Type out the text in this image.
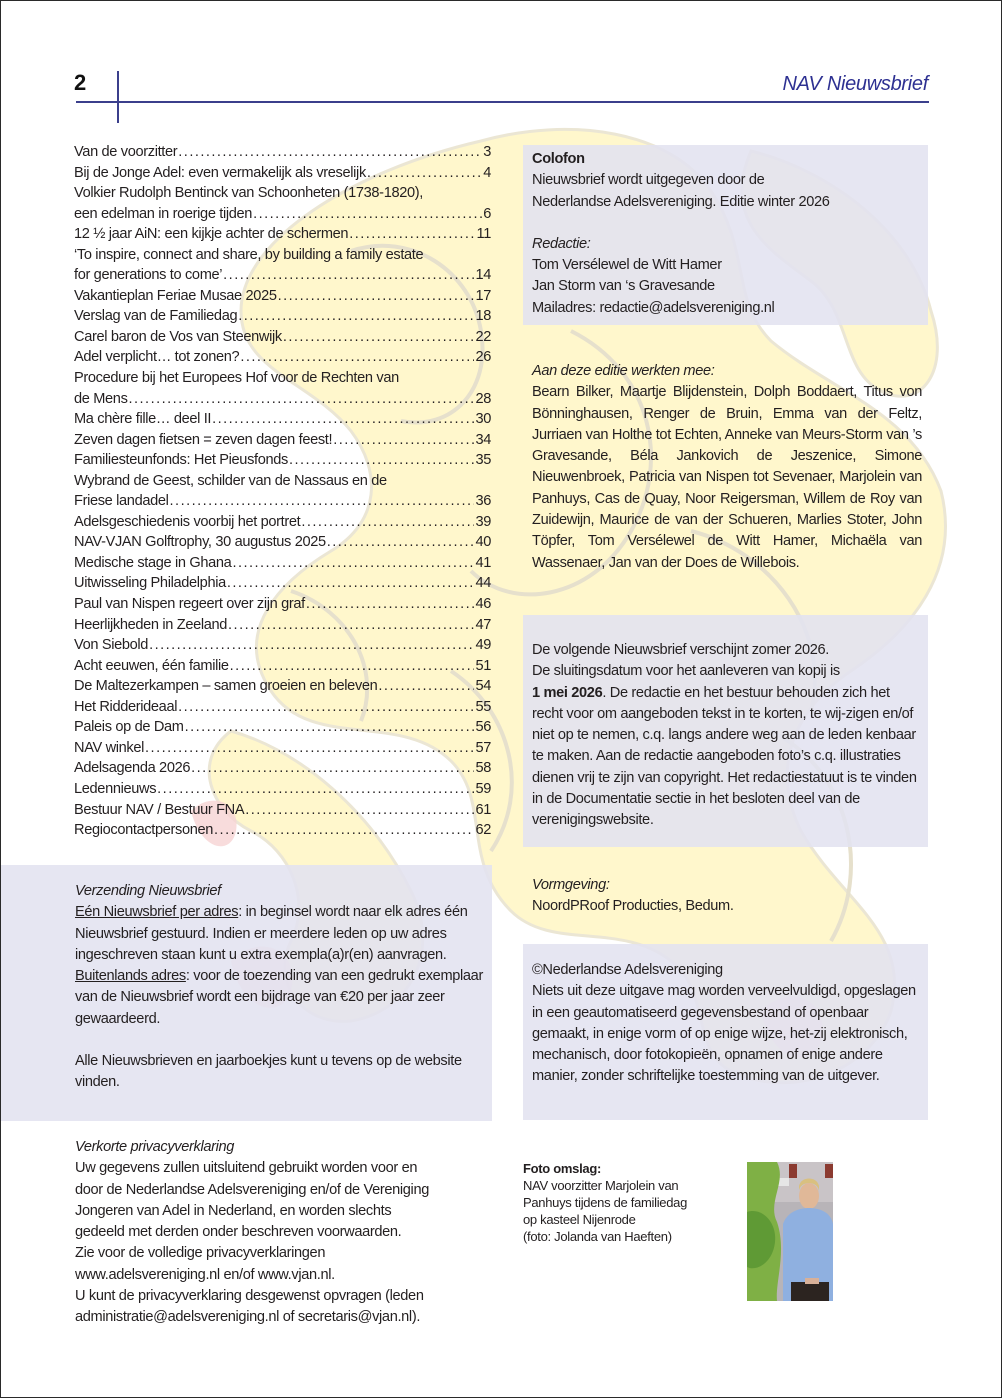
2	NAV Nieuwsbrief
Van de voorzitter . . .	3
Bij de Jonge Adel: even vermakelijk als vreselijk . . .	4
Volkier Rudolph Bentinck van Schoonheten (1738-1820),
een edelman in roerige tijden . . .	6
12 ½ jaar AiN: een kijkje achter de schermen . . .	11
‘To inspire, connect and share, by building a family estate
for generations to come’ . . .	14
Vakantieplan Feriae Musae 2025 . . .	17
Verslag van de Familiedag . . .	18
Carel baron de Vos van Steenwijk . . .	22
Adel verplicht… tot zonen? . . .	26
Procedure bij het Europees Hof voor de Rechten van
de Mens . . .	28
Ma chère fille… deel II . . .	30
Zeven dagen fietsen = zeven dagen feest! . . .	34
Familiesteunfonds: Het Pieusfonds . . .	35
Wybrand de Geest, schilder van de Nassaus en de
Friese landadel . . .	36
Adelsgeschiedenis voorbij het portret . . .	39
NAV-VJAN Golftrophy, 30 augustus 2025 . . .	40
Medische stage in Ghana . . .	41
Uitwisseling Philadelphia . . .	44
Paul van Nispen regeert over zijn graf . . .	46
Heerlijkheden in Zeeland . . .	47
Von Siebold . . .	49
Acht eeuwen, één familie . . .	51
De Maltezerkampen – samen groeien en beleven . . .	54
Het Ridderideaal . . .	55
Paleis op de Dam . . .	56
NAV winkel . . .	57
Adelsagenda 2026 . . .	58
Ledennieuws . . .	59
Bestuur NAV / Bestuur FNA . . .	61
Regiocontactpersonen . . .	62
Verzending Nieuwsbrief
Eén Nieuwsbrief per adres: in beginsel wordt naar elk adres één Nieuwsbrief gestuurd. Indien er meerdere leden op uw adres ingeschreven staan kunt u extra exempla(a)r(en) aanvragen.
Buitenlands adres: voor de toezending van een gedrukt exemplaar van de Nieuwsbrief wordt een bijdrage van €20 per jaar zeer gewaardeerd.
Alle Nieuwsbrieven en jaarboekjes kunt u tevens op de website vinden.
Verkorte privacyverklaring
Uw gegevens zullen uitsluitend gebruikt worden voor en
door de Nederlandse Adelsvereniging en/of de Vereniging
Jongeren van Adel in Nederland, en worden slechts
gedeeld met derden onder beschreven voorwaarden.
Zie voor de volledige privacyverklaringen
www.adelsvereniging.nl en/of www.vjan.nl.
U kunt de privacyverklaring desgewenst opvragen (leden
administratie@adelsvereniging.nl of secretaris@vjan.nl).
Colofon
Nieuwsbrief wordt uitgegeven door de
Nederlandse Adelsvereniging. Editie winter 2026
Redactie:
Tom Versélewel de Witt Hamer
Jan Storm van ‘s Gravesande
Mailadres: redactie@adelsvereniging.nl
Aan deze editie werkten mee:
Bearn Bilker, Maartje Blijdenstein, Dolph Boddaert, Titus von Bönninghausen, Renger de Bruin, Emma van der Feltz, Jurriaen van Holthe tot Echten, Anneke van Meurs-Storm van ’s Gravesande, Béla Jankovich de Jeszenice, Simone Nieuwenbroek, Patricia van Nispen tot Sevenaer, Marjolein van Panhuys, Cas de Quay, Noor Reigersman, Willem de Roy van Zuidewijn, Maurice de van der Schueren, Marlies Stoter, John Töpfer, Tom Versélewel de Witt Hamer, Michaëla van Wassenaer, Jan van der Does de Willebois.
De volgende Nieuwsbrief verschijnt zomer 2026.
De sluitingsdatum voor het aanleveren van kopij is
1 mei 2026. De redactie en het bestuur behouden zich het recht voor om aangeboden tekst in te korten, te wij-zigen en/of niet op te nemen, c.q. langs andere weg aan de leden kenbaar te maken. Aan de redactie aangeboden foto’s c.q. illustraties dienen vrij te zijn van copyright. Het redactiestatuut is te vinden in de Documentatie sectie in het besloten deel van de verenigingswebsite.
Vormgeving:
NoordPRoof Producties, Bedum.
©Nederlandse Adelsvereniging
Niets uit deze uitgave mag worden verveelvuldigd, opgeslagen in een geautomatiseerd gegevensbestand of openbaar gemaakt, in enige vorm of op enige wijze, het-zij elektronisch, mechanisch, door fotokopieën, opnamen of enige andere manier, zonder schriftelijke toestemming van de uitgever.
Foto omslag:
NAV voorzitter Marjolein van
Panhuys tijdens de familiedag
op kasteel Nijenrode
(foto: Jolanda van Haeften)
